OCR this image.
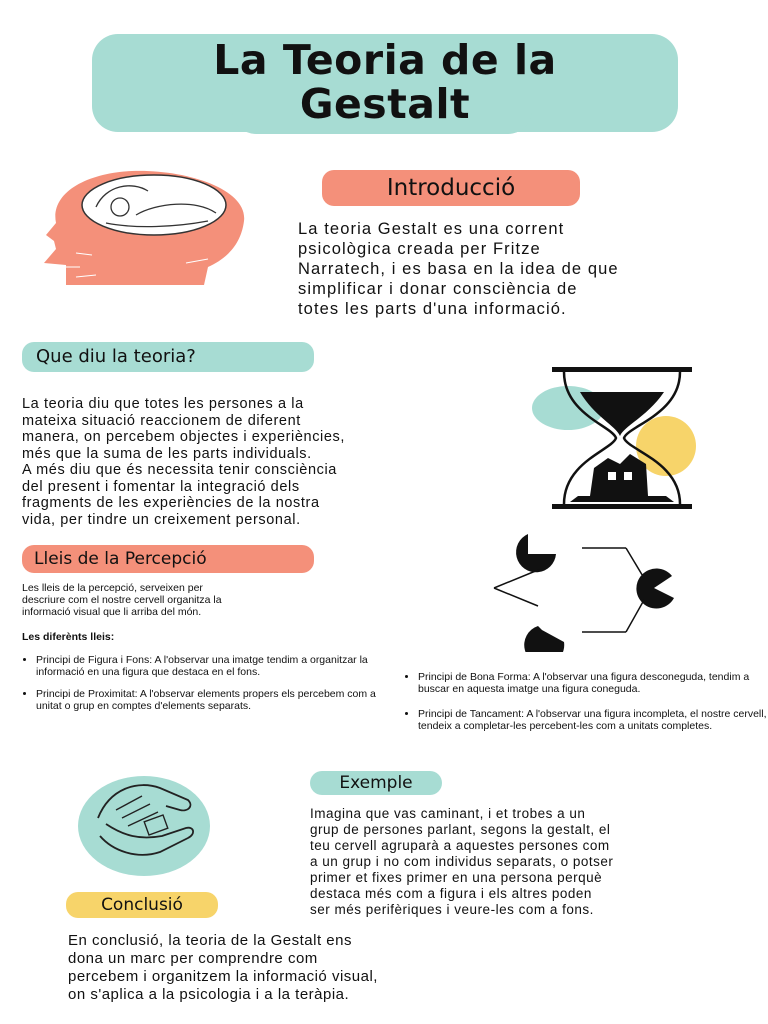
La Teoria de la
Gestalt
Introducció
La teoria Gestalt es una corrent
psicològica creada per Fritze
Narratech, i es basa en la idea de que
simplificar i donar consciència de
totes les parts d'una informació.
Que diu la teoria?
La teoria diu que totes les persones a la
mateixa situació reaccionem de diferent
manera, on percebem objectes i experiències,
més que la suma de les parts individuals.
A més diu que és necessita tenir consciència
del present i fomentar la integració dels
fragments de les experiències de la nostra
vida, per tindre un creixement personal.
Lleis de la Percepció
Les lleis de la percepció, serveixen per
descriure com el nostre cervell organitza la
informació visual que li arriba del món.
Les diferènts lleis:
• Principi de Figura i Fons: A l'observar una imatge tendim a organitzar la informació en una figura que destaca en el fons.
• Principi de Proximitat: A l'observar elements propers els percebem com a unitat o grup en comptes d'elements separats.
• Principi de Bona Forma: A l'observar una figura desconeguda, tendim a buscar en aquesta imatge una figura coneguda.
• Principi de Tancament: A l'observar una figura incompleta, el nostre cervell, tendeix a completar-les percebent-les com a unitats completes.
Exemple
Imagina que vas caminant, i et trobes a un
grup de persones parlant, segons la gestalt, el
teu cervell agruparà a aquestes persones com
a un grup i no com individus separats, o potser
primer et fixes primer en una persona perquè
destaca més com a figura i els altres poden
ser més perifèriques i veure-les com a fons.
Conclusió
En conclusió, la teoria de la Gestalt ens
dona un marc per comprendre com
percebem i organitzem la informació visual,
on s'aplica a la psicologia i a la teràpia.
